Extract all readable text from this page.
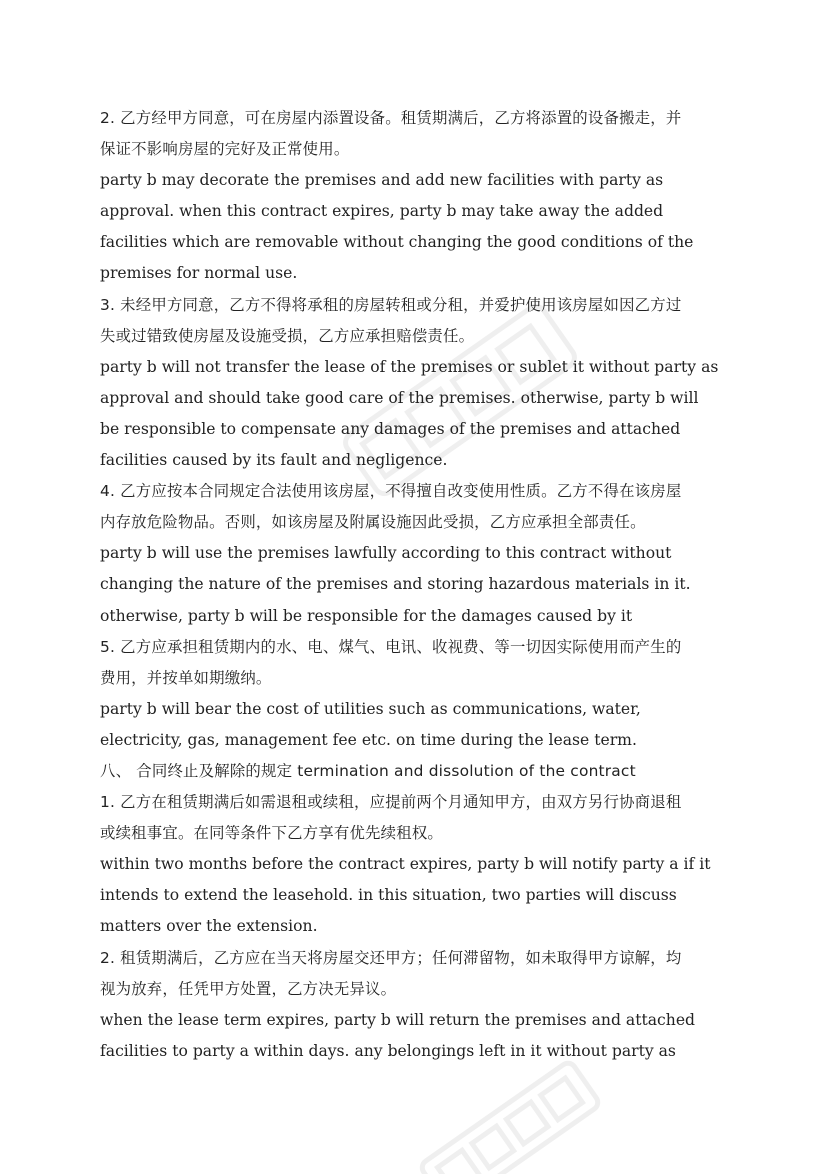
2. 乙方经甲方同意，可在房屋内添置设备。租赁期满后，乙方将添置的设备搬走，并
保证不影响房屋的完好及正常使用。
party b may decorate the premises and add new facilities with party as
approval. when this contract expires, party b may take away the added
facilities which are removable without changing the good conditions of the
premises for normal use.
3. 未经甲方同意，乙方不得将承租的房屋转租或分租，并爱护使用该房屋如因乙方过
失或过错致使房屋及设施受损，乙方应承担赔偿责任。
party b will not transfer the lease of the premises or sublet it without party as
approval and should take good care of the premises. otherwise, party b will
be responsible to compensate any damages of the premises and attached
facilities caused by its fault and negligence.
4. 乙方应按本合同规定合法使用该房屋，不得擅自改变使用性质。乙方不得在该房屋
内存放危险物品。否则，如该房屋及附属设施因此受损，乙方应承担全部责任。
party b will use the premises lawfully according to this contract without
changing the nature of the premises and storing hazardous materials in it.
otherwise, party b will be responsible for the damages caused by it
5. 乙方应承担租赁期内的水、电、煤气、电讯、收视费、等一切因实际使用而产生的
费用，并按单如期缴纳。
party b will bear the cost of utilities such as communications, water,
electricity, gas, management fee etc. on time during the lease term.
八、 合同终止及解除的规定 termination and dissolution of the contract
1. 乙方在租赁期满后如需退租或续租，应提前两个月通知甲方，由双方另行协商退租
或续租事宜。在同等条件下乙方享有优先续租权。
within two months before the contract expires, party b will notify party a if it
intends to extend the leasehold. in this situation, two parties will discuss
matters over the extension.
2. 租赁期满后，乙方应在当天将房屋交还甲方；任何滞留物，如未取得甲方谅解，均
视为放弃，任凭甲方处置，乙方决无异议。
when the lease term expires, party b will return the premises and attached
facilities to party a within days. any belongings left in it without party as
